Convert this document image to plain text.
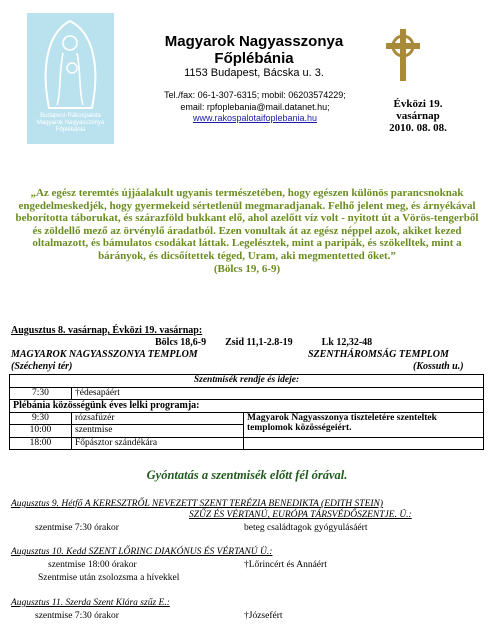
Budapest-Rákospalota Magyarok Nagyasszonya Főplébánia
Magyarok Nagyasszonya Főplébánia
1153 Budapest, Bácska u. 3.
Tel./fax: 06-1-307-6315; mobil: 06203574229;
email: rpfoplebania@mail.datanet.hu;
www.rakospalotaifoplebania.hu
Évközi 19.
vasárnap
2010. 08. 08.
„Az egész teremtés újjáalakult ugyanis természetében, hogy egészen különös parancsnoknak engedelmeskedjék, hogy gyermekeid sértetlenül megmaradjanak. Felhő jelent meg, és árnyékával beborította táborukat, és szárazföld bukkant elő, ahol azelőtt víz volt - nyitott út a Vörös-tengerből és zöldellő mező az örvénylő áradatból. Ezen vonultak át az egész néppel azok, akiket kezed oltalmazott, és bámulatos csodákat láttak. Legelésztek, mint a paripák, és szökelltek, mint a bárányok, és dicsőítettek téged, Uram, aki megmentetted őket.”
(Bölcs 19, 6-9)
Augusztus 8. vasárnap, Évközi 19. vasárnap:
Bölcs 18,6-9 Zsid 11,1-2.8-19	Lk 12,32-48
MAGYAROK NAGYASSZONYA TEMPLOM	SZENTHÁROMSÁG TEMPLOM
(Széchenyi tér)	(Kossuth u.)
Szentmisék rendje és ideje:		
7:30	†édesapáért	
Plébánia közösségünk éves lelki programja:		
9:30	rózsafüzér	Magyarok Nagyasszonya tiszteletére szenteltek templomok közösségeiért.
10:00	szentmise	
18:00	Főpásztor szándékára	
Gyóntatás a szentmisék előtt fél órával.
Augusztus 9. Hétfő A KERESZTRŐL NEVEZETT SZENT TERÉZIA BENEDIKTA (EDITH STEIN)
SZŰZ ÉS VÉRTANÚ, EURÓPA TÁRSVÉDŐSZENTJE. Ü.:
szentmise 7:30 órakor	beteg családtagok gyógyulásáért
Augusztus 10. Kedd SZENT LŐRINC DIAKÓNUS ÉS VÉRTANÚ Ü.:
szentmise 18:00 órakor	†Lőrincért és Annáért
Szentmise után zsolozsma a hívekkel
Augusztus 11. Szerda Szent Klára szűz E.:
szentmise 7:30 órakor	†Józsefért
